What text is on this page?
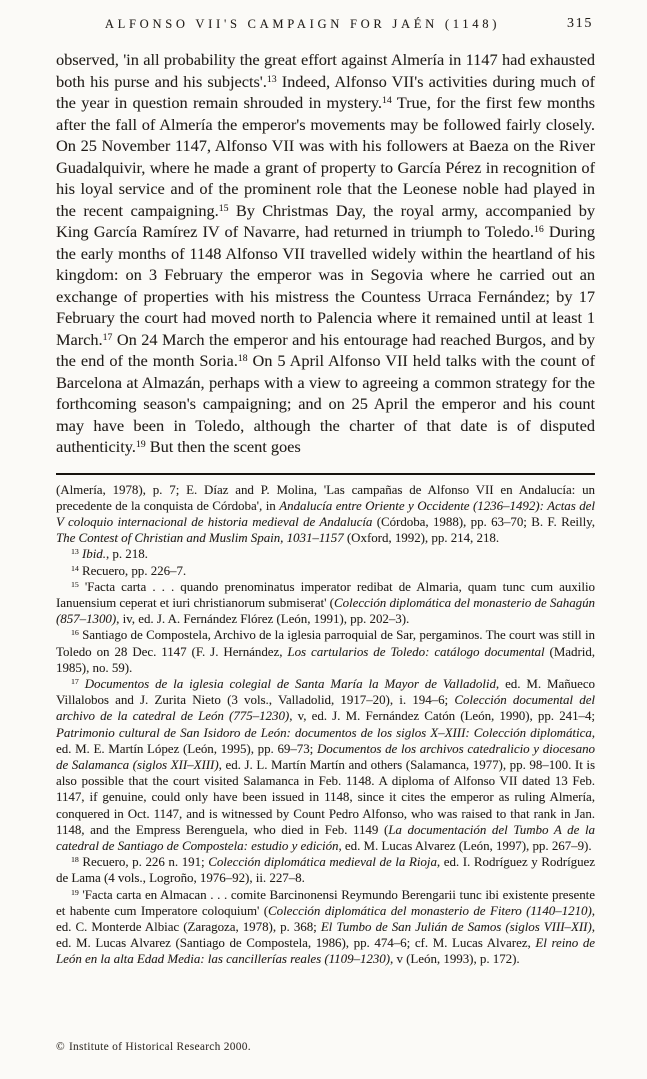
ALFONSO VII'S CAMPAIGN FOR JAÉN (1148)	315

observed, 'in all probability the great effort against Almería in 1147 had exhausted both his purse and his subjects'.$^{13}$ Indeed, Alfonso VII's activities during much of the year in question remain shrouded in mystery.$^{14}$ True, for the first few months after the fall of Almería the emperor's movements may be followed fairly closely. On 25 November 1147, Alfonso VII was with his followers at Baeza on the River Guadalquivir, where he made a grant of property to García Pérez in recognition of his loyal service and of the prominent role that the Leonese noble had played in the recent campaigning.$^{15}$ By Christmas Day, the royal army, accompanied by King García Ramírez IV of Navarre, had returned in triumph to Toledo.$^{16}$ During the early months of 1148 Alfonso VII travelled widely within the heartland of his kingdom: on 3 February the emperor was in Segovia where he carried out an exchange of properties with his mistress the Countess Urraca Fernández; by 17 February the court had moved north to Palencia where it remained until at least 1 March.$^{17}$ On 24 March the emperor and his entourage had reached Burgos, and by the end of the month Soria.$^{18}$ On 5 April Alfonso VII held talks with the count of Barcelona at Almazán, perhaps with a view to agreeing a common strategy for the forthcoming season's campaigning; and on 25 April the emperor and his count may have been in Toledo, although the charter of that date is of disputed authenticity.$^{19}$ But then the scent goes

(Almería, 1978), p. 7; E. Díaz and P. Molina, 'Las campañas de Alfonso VII en Andalucía: un precedente de la conquista de Córdoba', in Andalucía entre Oriente y Occidente (1236–1492): Actas del V coloquio internacional de historia medieval de Andalucía (Córdoba, 1988), pp. 63–70; B. F. Reilly, The Contest of Christian and Muslim Spain, 1031–1157 (Oxford, 1992), pp. 214, 218.

$^{13}$ Ibid., p. 218.

$^{14}$ Recuero, pp. 226–7.

$^{15}$ 'Facta carta . . . quando prenominatus imperator redibat de Almaria, quam tunc cum auxilio Ianuensium ceperat et iuri christianorum submiserat' (Colección diplomática del monasterio de Sahagún (857–1300), iv, ed. J. A. Fernández Flórez (León, 1991), pp. 202–3).

$^{16}$ Santiago de Compostela, Archivo de la iglesia parroquial de Sar, pergaminos. The court was still in Toledo on 28 Dec. 1147 (F. J. Hernández, Los cartularios de Toledo: catálogo documental (Madrid, 1985), no. 59).

$^{17}$ Documentos de la iglesia colegial de Santa María la Mayor de Valladolid, ed. M. Mañueco Villalobos and J. Zurita Nieto (3 vols., Valladolid, 1917–20), i. 194–6; Colección documental del archivo de la catedral de León (775–1230), v, ed. J. M. Fernández Catón (León, 1990), pp. 241–4; Patrimonio cultural de San Isidoro de León: documentos de los siglos X–XIII: Colección diplomática, ed. M. E. Martín López (León, 1995), pp. 69–73; Documentos de los archivos catedralicio y diocesano de Salamanca (siglos XII–XIII), ed. J. L. Martín Martín and others (Salamanca, 1977), pp. 98–100. It is also possible that the court visited Salamanca in Feb. 1148. A diploma of Alfonso VII dated 13 Feb. 1147, if genuine, could only have been issued in 1148, since it cites the emperor as ruling Almería, conquered in Oct. 1147, and is witnessed by Count Pedro Alfonso, who was raised to that rank in Jan. 1148, and the Empress Berenguela, who died in Feb. 1149 (La documentación del Tumbo A de la catedral de Santiago de Compostela: estudio y edición, ed. M. Lucas Alvarez (León, 1997), pp. 267–9).

$^{18}$ Recuero, p. 226 n. 191; Colección diplomática medieval de la Rioja, ed. I. Rodríguez y Rodríguez de Lama (4 vols., Logroño, 1976–92), ii. 227–8.

$^{19}$ 'Facta carta en Almacan . . . comite Barcinonensi Reymundo Berengarii tunc ibi existente presente et habente cum Imperatore coloquium' (Colección diplomática del monasterio de Fitero (1140–1210), ed. C. Monterde Albiac (Zaragoza, 1978), p. 368; El Tumbo de San Julián de Samos (siglos VIII–XII), ed. M. Lucas Alvarez (Santiago de Compostela, 1986), pp. 474–6; cf. M. Lucas Alvarez, El reino de León en la alta Edad Media: las cancillerías reales (1109–1230), v (León, 1993), p. 172).

© Institute of Historical Research 2000.
